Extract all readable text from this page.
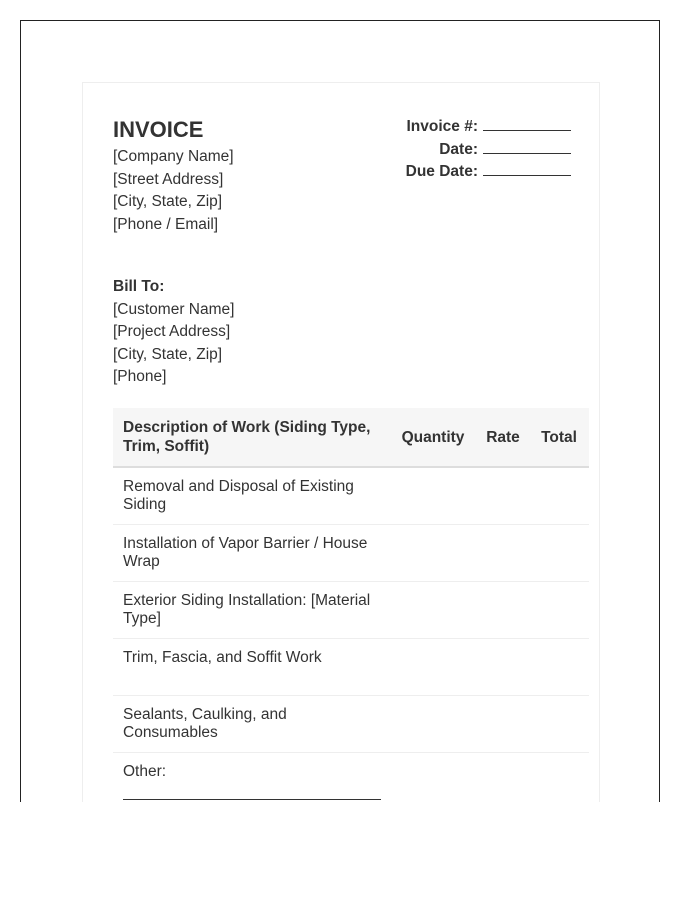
INVOICE
[Company Name]
[Street Address]
[City, State, Zip]
[Phone / Email]
Invoice #:
Date:
Due Date:
Bill To:
[Customer Name]
[Project Address]
[City, State, Zip]
[Phone]
Description of Work (Siding Type, Trim, Soffit)	Quantity	Rate	Total
Removal and Disposal of Existing Siding			
Installation of Vapor Barrier / House Wrap			
Exterior Siding Installation: [Material Type]			
Trim, Fascia, and Soffit Work			
Sealants, Caulking, and Consumables			
Other:
